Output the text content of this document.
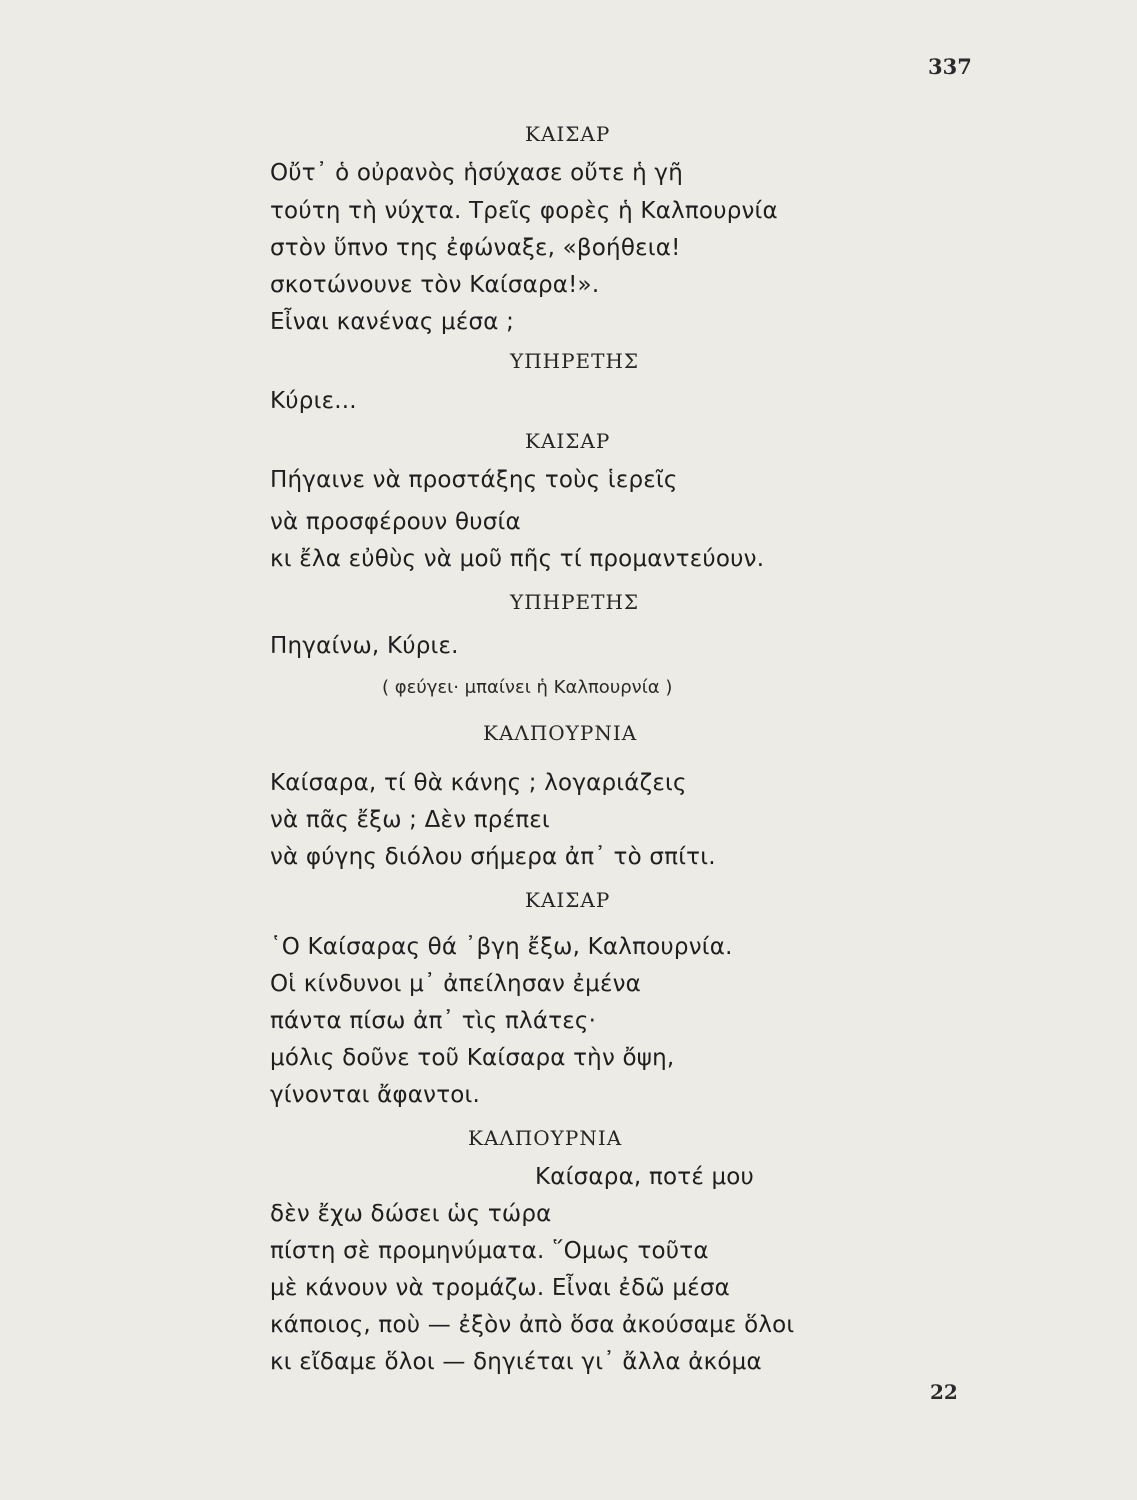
337
ΚΑΙΣΑΡ
Οὔτ᾽ ὁ οὐρανὸς ἡσύχασε οὔτε ἡ γῆ
τούτη τὴ νύχτα. Τρεῖς φορὲς ἡ Καλπουρνία
στὸν ὕπνο της ἐφώναξε, «βοήθεια!
σκοτώνουνε τὸν Καίσαρα!».
Εἶναι κανένας μέσα ;
ΥΠΗΡΕΤΗΣ
Κύριε...
ΚΑΙΣΑΡ
Πήγαινε νὰ προστάξης τοὺς ἱερεῖς
νὰ προσφέρουν θυσία
κι ἔλα εὐθὺς νὰ μοῦ πῆς τί προμαντεύουν.
ΥΠΗΡΕΤΗΣ
Πηγαίνω, Κύριε.
( φεύγει· μπαίνει ἡ Καλπουρνία )
ΚΑΛΠΟΥΡΝΙΑ
Καίσαρα, τί θὰ κάνης ; λογαριάζεις
νὰ πᾶς ἔξω ; Δὲν πρέπει
νὰ φύγης διόλου σήμερα ἀπ᾽ τὸ σπίτι.
ΚΑΙΣΑΡ
῾Ο Καίσαρας θά ᾽βγη ἔξω, Καλπουρνία.
Οἱ κίνδυνοι μ᾽ ἀπείλησαν ἐμένα
πάντα πίσω ἀπ᾽ τὶς πλάτες·
μόλις δοῦνε τοῦ Καίσαρα τὴν ὄψη,
γίνονται ἄφαντοι.
ΚΑΛΠΟΥΡΝΙΑ
Καίσαρα, ποτέ μου
δὲν ἔχω δώσει ὡς τώρα
πίστη σὲ προμηνύματα. ῞Ομως τοῦτα
μὲ κάνουν νὰ τρομάζω. Εἶναι ἐδῶ μέσα
κάποιος, ποὺ — ἐξὸν ἀπὸ ὅσα ἀκούσαμε ὅλοι
κι εἴδαμε ὅλοι — δηγιέται γι᾽ ἄλλα ἀκόμα
22
